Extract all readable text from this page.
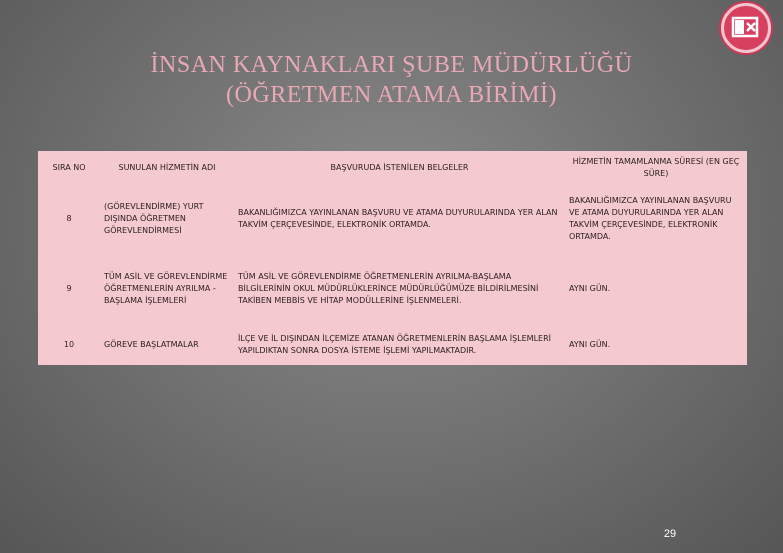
İNSAN KAYNAKLARI ŞUBE MÜDÜRLÜĞÜ
(ÖĞRETMEN ATAMA BİRİMİ)
SIRA NO	SUNULAN HİZMETİN ADI	BAŞVURUDA İSTENİLEN BELGELER	HİZMETİN TAMAMLANMA SÜRESİ (EN GEÇ SÜRE)
8	(GÖREVLENDİRME) YURT DIŞINDA ÖĞRETMEN GÖREVLENDİRMESİ	BAKANLIĞIMIZCA YAYINLANAN BAŞVURU VE ATAMA DUYURULARINDA YER ALAN TAKVİM ÇERÇEVESİNDE, ELEKTRONİK ORTAMDA.	BAKANLIĞIMIZCA YAYINLANAN BAŞVURU VE ATAMA DUYURULARINDA YER ALAN TAKVİM ÇERÇEVESİNDE, ELEKTRONİK ORTAMDA.
9	TÜM ASİL VE GÖREVLENDİRME ÖĞRETMENLERİN AYRILMA - BAŞLAMA İŞLEMLERİ	TÜM ASİL VE GÖREVLENDİRME ÖĞRETMENLERİN AYRILMA-BAŞLAMA BİLGİLERİNİN OKUL MÜDÜRLÜKLERİNCE MÜDÜRLÜĞÜMÜZE BİLDİRİLMESİNİ TAKİBEN MEBBİS VE HİTAP MODÜLLERİNE İŞLENMELERİ.	AYNI GÜN.
10	GÖREVE BAŞLATMALAR	İLÇE VE İL DIŞINDAN İLÇEMİZE ATANAN ÖĞRETMENLERİN BAŞLAMA İŞLEMLERİ YAPILDIKTAN SONRA DOSYA İSTEME İŞLEMİ YAPILMAKTADIR.	AYNI GÜN.
29
